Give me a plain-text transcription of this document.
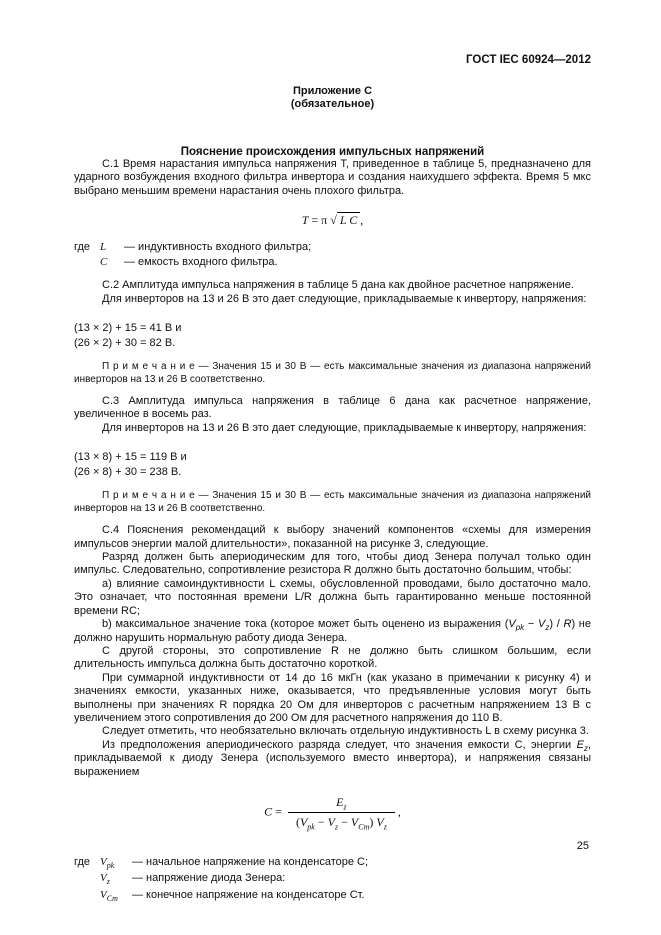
ГОСТ IEC 60924—2012
Приложение С
(обязательное)
Пояснение происхождения импульсных напряжений

С.1 Время нарастания импульса напряжения Т, приведенное в таблице 5, предназначено для ударного возбуждения входного фильтра инвертора и создания наихудшего эффекта. Время 5 мкс выбрано меньшим времени нарастания очень плохого фильтра.

T = π √ L C ,
где L — индуктивность входного фильтра;
C — емкость входного фильтра.

С.2 Амплитуда импульса напряжения в таблице 5 дана как двойное расчетное напряжение.

Для инверторов на 13 и 26 В это дает следующие, прикладываемые к инвертору, напряжения:

(13 × 2) + 15 = 41 В и

(26 × 2) + 30 = 82 В.

П р и м е ч а н и е — Значения 15 и 30 В — есть максимальные значения из диапазона напряжений инверторов на 13 и 26 В соответственно.

С.3 Амплитуда импульса напряжения в таблице 6 дана как расчетное напряжение, увеличенное в восемь раз.

Для инверторов на 13 и 26 В это дает следующие, прикладываемые к инвертору, напряжения:

(13 × 8) + 15 = 119 В и

(26 × 8) + 30 = 238 В.

П р и м е ч а н и е — Значения 15 и 30 В — есть максимальные значения из диапазона напряжений инверторов на 13 и 26 В соответственно.

С.4 Пояснения рекомендаций к выбору значений компонентов «схемы для измерения импульсов энергии малой длительности», показанной на рисунке 3, следующие.

Разряд должен быть апериодическим для того, чтобы диод Зенера получал только один импульс. Следовательно, сопротивление резистора R должно быть достаточно большим, чтобы:

а) влияние самоиндуктивности L схемы, обусловленной проводами, было достаточно мало. Это означает, что постоянная времени L/R должна быть гарантированно меньше постоянной времени RC;

b) максимальное значение тока (которое может быть оценено из выражения $(V_{pk} - V_z) / R$) не должно нарушить нормальную работу диода Зенера.

С другой стороны, это сопротивление R не должно быть слишком большим, если длительность импульса должна быть достаточно короткой.

При суммарной индуктивности от 14 до 16 мкГн (как указано в примечании к рисунку 4) и значениях емкости, указанных ниже, оказывается, что предъявленные условия могут быть выполнены при значениях R порядка 20 Ом для инверторов с расчетным напряжением 13 В с увеличением этого сопротивления до 200 Ом для расчетного напряжения до 110 В.

Следует отметить, что необязательно включать отдельную индуктивность L в схему рисунка 3.

Из предположения апериодического разряда следует, что значения емкости C, энергии $E_z$, прикладываемой к диоду Зенера (используемого вместо инвертора), и напряжения связаны выражением

$C = \frac{E_z}{(V_{pk} - V_z - V_{Cm}) V_z}$ ,
где $V_{pk}$ — начальное напряжение на конденсаторе C;
$V_z$ — напряжение диода Зенера:
$V_{Cm}$ — конечное напряжение на конденсаторе Cт.
25
